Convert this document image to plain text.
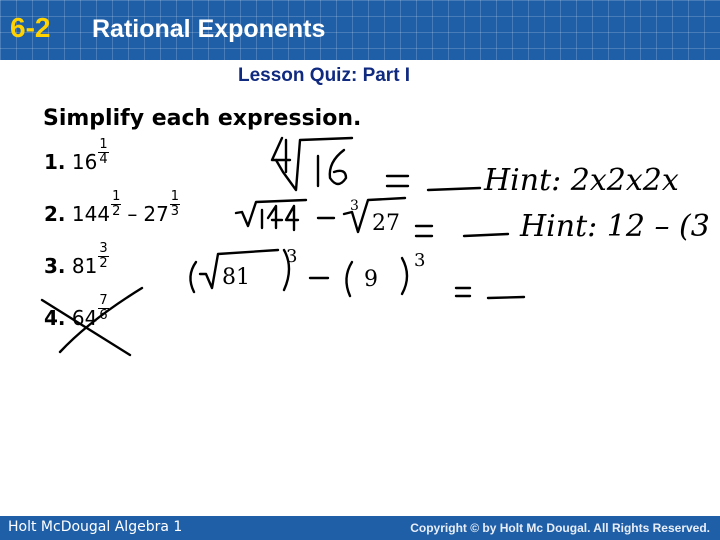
6-2 Rational Exponents
Lesson Quiz: Part I
Simplify each expression.
1. $16 \frac{1}{4}$
2. $144 \frac{1}{2} - 27 \frac{1}{3}$
3. $81 \frac{3}{2}$
4. $64 \frac{7}{6}$
81	9
3	3
3
27
Hint: 2x2x2x
Hint: 12 – (3
Holt McDougal Algebra 1	Copyright © by Holt Mc Dougal. All Rights Reserved.
